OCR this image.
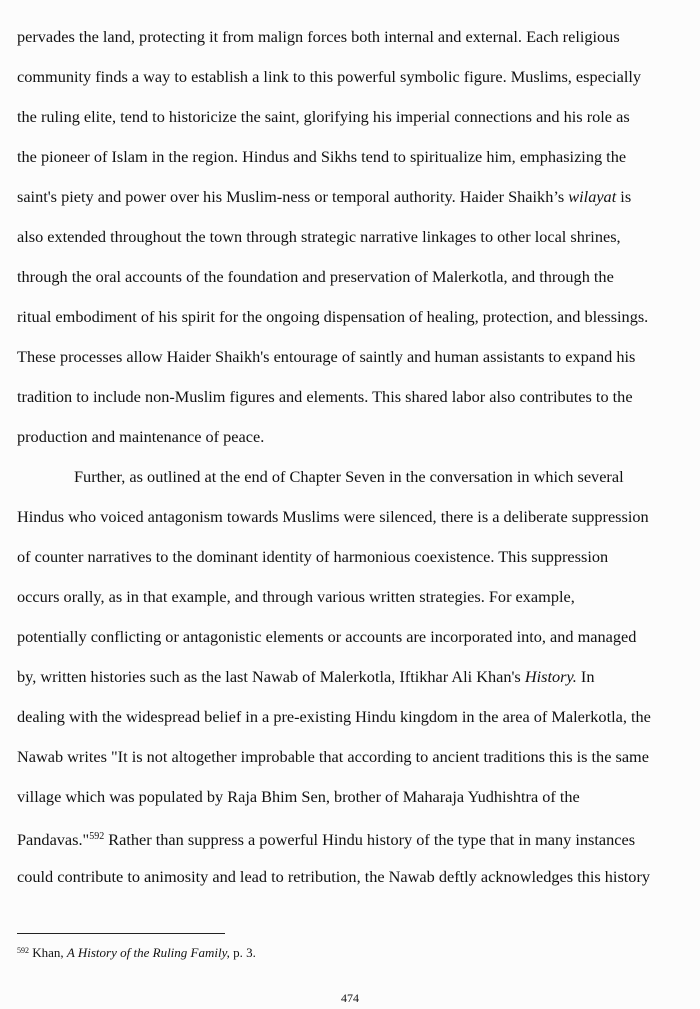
pervades the land, protecting it from malign forces both internal and external. Each religious

community finds a way to establish a link to this powerful symbolic figure. Muslims, especially

the ruling elite, tend to historicize the saint, glorifying his imperial connections and his role as

the pioneer of Islam in the region. Hindus and Sikhs tend to spiritualize him, emphasizing the

saint's piety and power over his Muslim-ness or temporal authority. Haider Shaikh’s wilayat is

also extended throughout the town through strategic narrative linkages to other local shrines,

through the oral accounts of the foundation and preservation of Malerkotla, and through the

ritual embodiment of his spirit for the ongoing dispensation of healing, protection, and blessings.

These processes allow Haider Shaikh's entourage of saintly and human assistants to expand his

tradition to include non-Muslim figures and elements. This shared labor also contributes to the

production and maintenance of peace.

Further, as outlined at the end of Chapter Seven in the conversation in which several

Hindus who voiced antagonism towards Muslims were silenced, there is a deliberate suppression

of counter narratives to the dominant identity of harmonious coexistence. This suppression

occurs orally, as in that example, and through various written strategies. For example,

potentially conflicting or antagonistic elements or accounts are incorporated into, and managed

by, written histories such as the last Nawab of Malerkotla, Iftikhar Ali Khan's History. In

dealing with the widespread belief in a pre-existing Hindu kingdom in the area of Malerkotla, the

Nawab writes "It is not altogether improbable that according to ancient traditions this is the same

village which was populated by Raja Bhim Sen, brother of Maharaja Yudhishtra of the

Pandavas."$^{592}$ Rather than suppress a powerful Hindu history of the type that in many instances

could contribute to animosity and lead to retribution, the Nawab deftly acknowledges this history

$^{592}$ Khan, A History of the Ruling Family, p. 3.
474
